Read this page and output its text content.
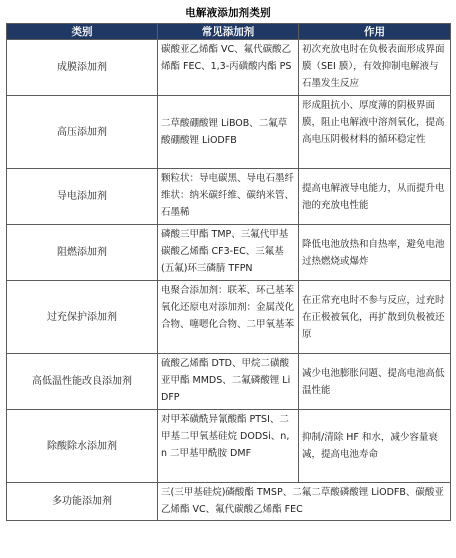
电解液添加剂类别
类别	常见添加剂	作用
成膜添加剂	碳酸亚乙烯酯 VC、氟代碳酸乙烯酯 FEC、1,3-丙磺酸内酯 PS	初次充放电时在负极表面形成界面膜（SEI 膜），有效抑制电解液与石墨发生反应
高压添加剂	二草酸硼酸锂 LiBOB、二氟草酸硼酸锂 LiODFB	形成阻抗小、厚度薄的阴极界面膜，阻止电解液中溶剂氧化，提高高电压阴极材料的循环稳定性
导电添加剂	颗粒状：导电碳黑、导电石墨纤维状：纳米碳纤维、碳纳米管、石墨稀	提高电解液导电能力，从而提升电池的充放电性能
阻燃添加剂	磷酸三甲酯 TMP、三氟代甲基碳酸乙烯酯 CF3-EC、三氟基(五氟)环三磷腈 TFPN	降低电池放热和自热率，避免电池过热燃烧或爆炸
过充保护添加剂	电聚合添加剂：联苯、环己基苯氧化还原电对添加剂：金属茂化合物、噻嗯化合物、二甲氧基苯	在正常充电时不参与反应，过充时在正极被氧化，再扩散到负极被还原
高低温性能改良添加剂	硫酸乙烯酯 DTD、甲烷二磺酸亚甲酯 MMDS、二氟磷酸锂 LiDFP	减少电池膨胀问题、提高电池高低温性能
除酸除水添加剂	对甲苯磺酰异氰酸酯 PTSI、二甲基二甲氧基硅烷 DODSi、n,n 二甲基甲酰胺 DMF	抑制/清除 HF 和水，减少容量衰减，提高电池寿命
多功能添加剂	三(三甲基硅烷)磷酸酯 TMSP、二氟二草酸磷酸锂 LiODFB、碳酸亚乙烯酯 VC、氟代碳酸乙烯酯 FEC	
